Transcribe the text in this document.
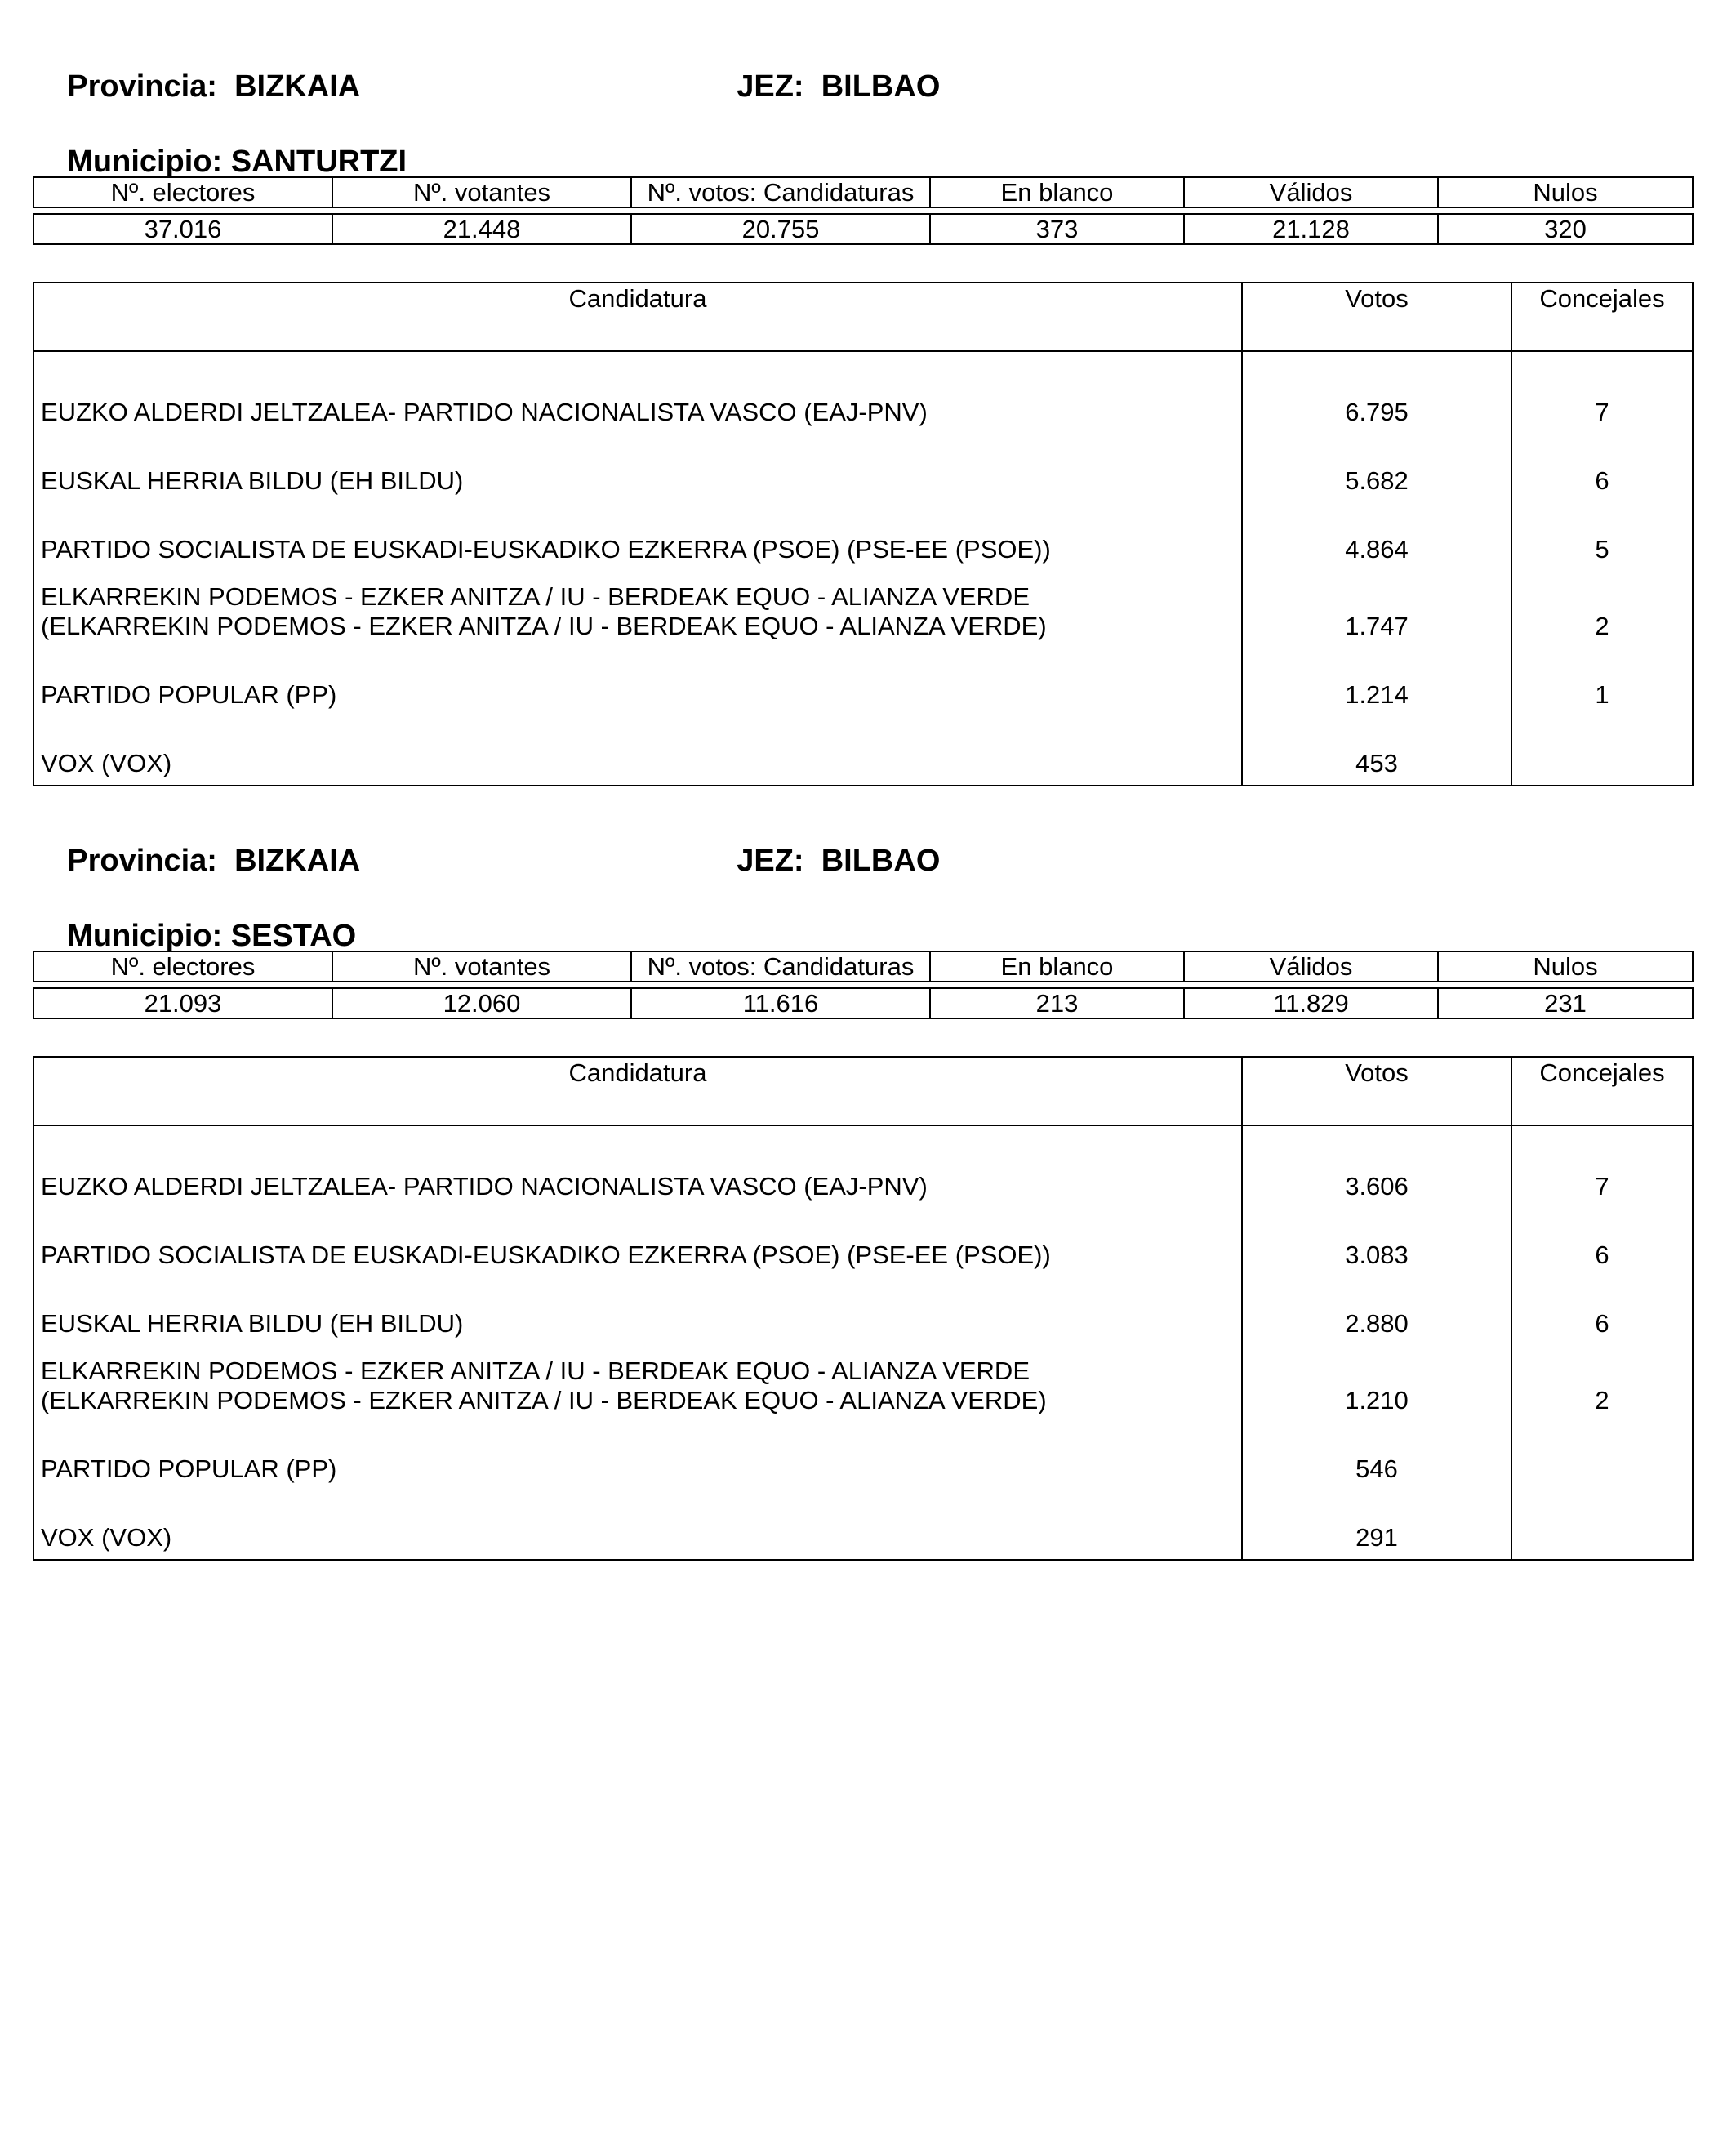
Provincia: BIZKAIA
	JEZ: BILBAO

Municipio: SANTURTZI

Nº. electores	Nº. votantes	Nº. votos: Candidaturas	En blanco	Válidos	Nulos

37.016	21.448	20.755	373	21.128	320
Candidatura	Votos	Concejales

EUZKO ALDERDI JELTZALEA- PARTIDO NACIONALISTA VASCO (EAJ-PNV)	6.795	7

EUSKAL HERRIA BILDU (EH BILDU)	5.682	6

PARTIDO SOCIALISTA DE EUSKADI-EUSKADIKO EZKERRA (PSOE) (PSE-EE (PSOE))	4.864	5

ELKARREKIN PODEMOS - EZKER ANITZA / IU - BERDEAK EQUO - ALIANZA VERDE
(ELKARREKIN PODEMOS - EZKER ANITZA / IU - BERDEAK EQUO - ALIANZA VERDE)	1.747	2

PARTIDO POPULAR (PP)	1.214	1

VOX (VOX)	453	

Provincia: BIZKAIA
	JEZ: BILBAO

Municipio: SESTAO

Nº. electores	Nº. votantes	Nº. votos: Candidaturas	En blanco	Válidos	Nulos

21.093	12.060	11.616	213	11.829	231
Candidatura	Votos	Concejales

EUZKO ALDERDI JELTZALEA- PARTIDO NACIONALISTA VASCO (EAJ-PNV)	3.606	7

PARTIDO SOCIALISTA DE EUSKADI-EUSKADIKO EZKERRA (PSOE) (PSE-EE (PSOE))	3.083	6

EUSKAL HERRIA BILDU (EH BILDU)	2.880	6

ELKARREKIN PODEMOS - EZKER ANITZA / IU - BERDEAK EQUO - ALIANZA VERDE
(ELKARREKIN PODEMOS - EZKER ANITZA / IU - BERDEAK EQUO - ALIANZA VERDE)	1.210	2

PARTIDO POPULAR (PP)	546	

VOX (VOX)	291	
